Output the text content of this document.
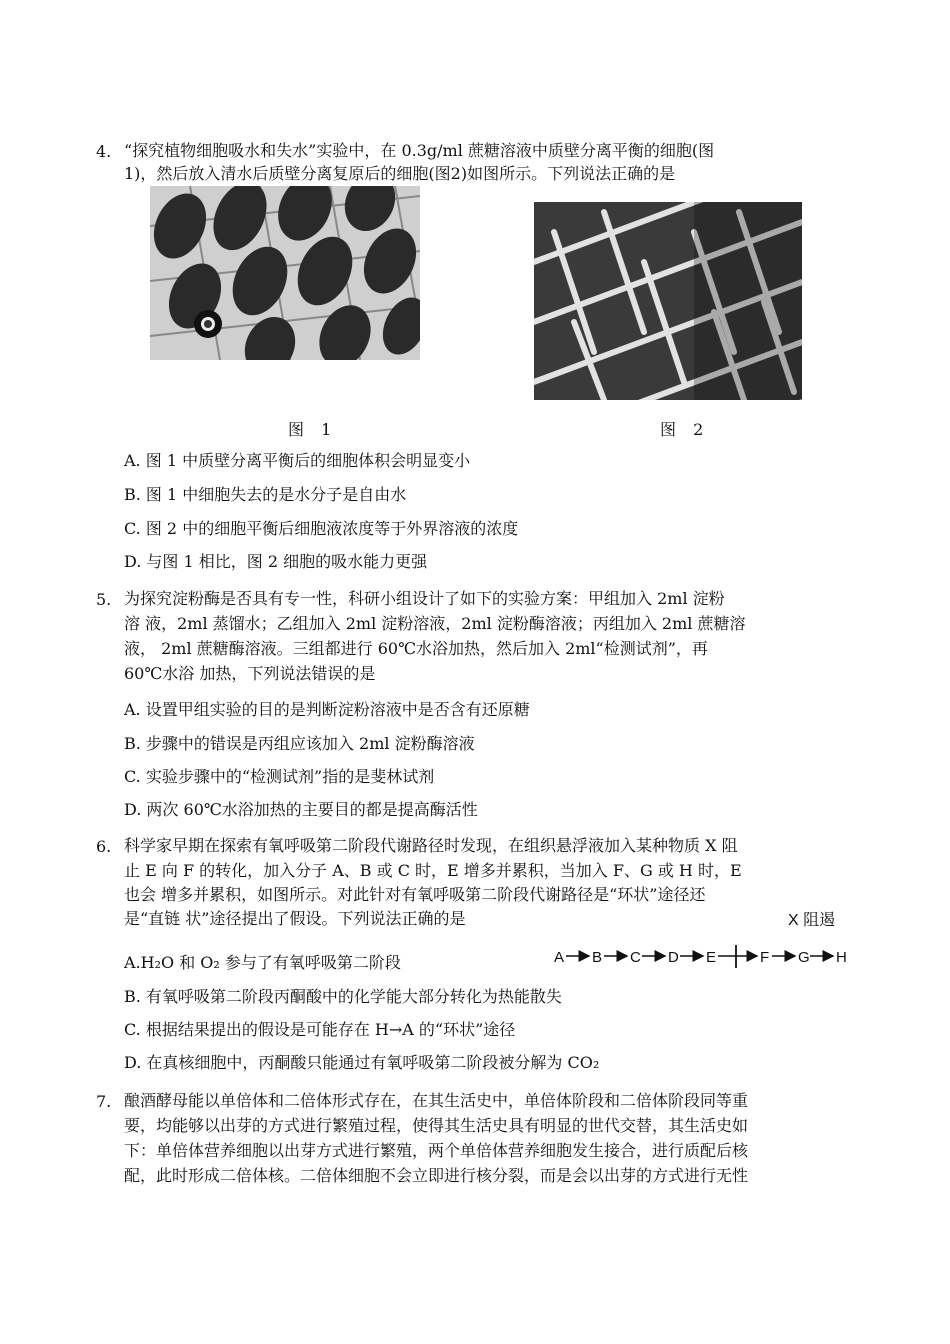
4. “探究植物细胞吸水和失水”实验中，在 0.3g/ml 蔗糖溶液中质壁分离平衡的细胞(图
1)，然后放入清水后质壁分离复原后的细胞(图2)如图所示。下列说法正确的是
图 1	图 2
A. 图 1 中质壁分离平衡后的细胞体积会明显变小
B. 图 1 中细胞失去的是水分子是自由水
C. 图 2 中的细胞平衡后细胞液浓度等于外界溶液的浓度
D. 与图 1 相比，图 2 细胞的吸水能力更强
5. 为探究淀粉酶是否具有专一性，科研小组设计了如下的实验方案：甲组加入 2ml 淀粉
溶 液，2ml 蒸馏水；乙组加入 2ml 淀粉溶液，2ml 淀粉酶溶液；丙组加入 2ml 蔗糖溶
液， 2ml 蔗糖酶溶液。三组都进行 60℃水浴加热，然后加入 2ml“检测试剂”，再
60℃水浴 加热，下列说法错误的是
A. 设置甲组实验的目的是判断淀粉溶液中是否含有还原糖
B. 步骤中的错误是丙组应该加入 2ml 淀粉酶溶液
C. 实验步骤中的“检测试剂”指的是斐林试剂
D. 两次 60℃水浴加热的主要目的都是提高酶活性
6. 科学家早期在探索有氧呼吸第二阶段代谢路径时发现，在组织悬浮液加入某种物质 X 阻
止 E 向 F 的转化，加入分子 A、B 或 C 时，E 增多并累积，当加入 F、G 或 H 时，E
也会 增多并累积，如图所示。对此针对有氧呼吸第二阶段代谢路径是“环状”途径还
是“直链 状”途径提出了假设。下列说法正确的是	X 阻遏
A B C D E	F G H
A.H₂O 和 O₂ 参与了有氧呼吸第二阶段
B. 有氧呼吸第二阶段丙酮酸中的化学能大部分转化为热能散失
C. 根据结果提出的假设是可能存在 H→A 的“环状”途径
D. 在真核细胞中，丙酮酸只能通过有氧呼吸第二阶段被分解为 CO₂
7. 酿酒酵母能以单倍体和二倍体形式存在，在其生活史中，单倍体阶段和二倍体阶段同等重
要，均能够以出芽的方式进行繁殖过程，使得其生活史具有明显的世代交替，其生活史如
下：单倍体营养细胞以出芽方式进行繁殖，两个单倍体营养细胞发生接合，进行质配后核
配，此时形成二倍体核。二倍体细胞不会立即进行核分裂，而是会以出芽的方式进行无性
